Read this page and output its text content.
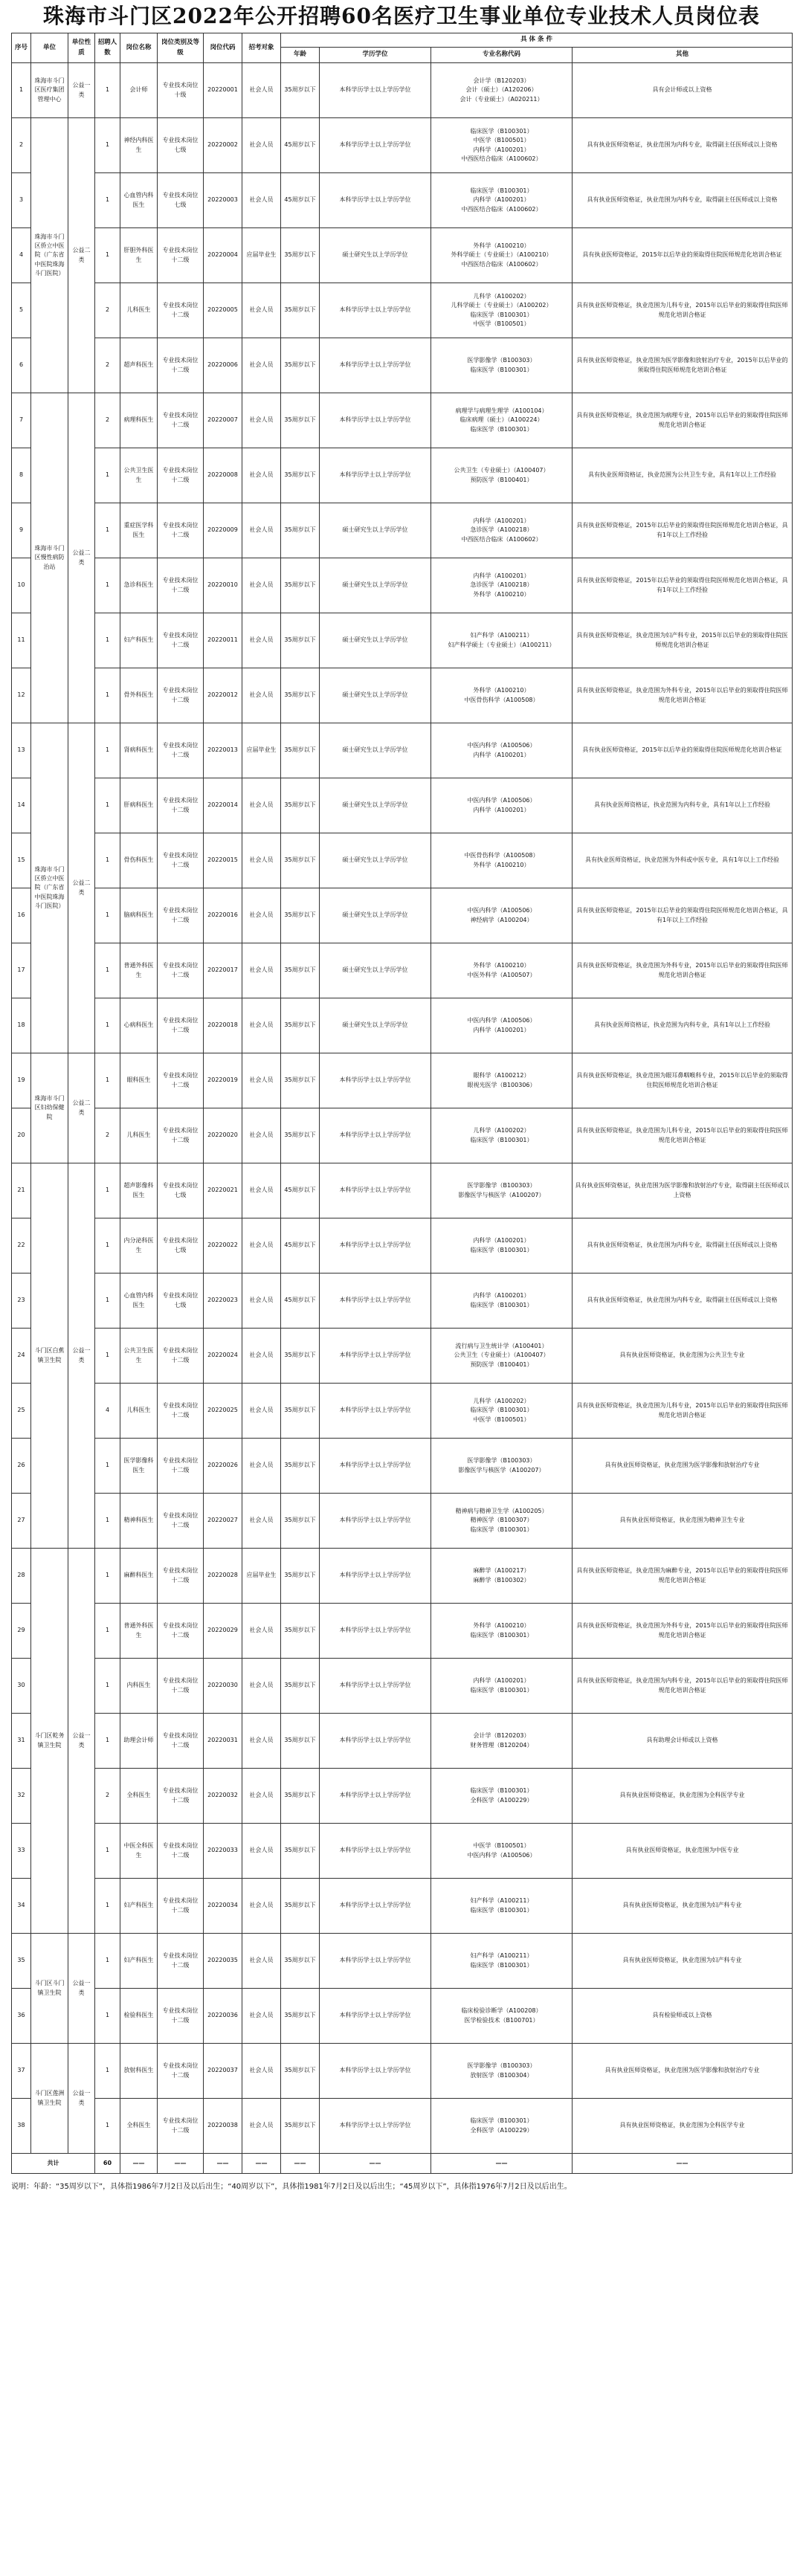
珠海市斗门区2022年公开招聘60名医疗卫生事业单位专业技术人员岗位表
序号	单位	单位性质	招聘人数	岗位名称	岗位类别及等级	岗位代码	招考对象	具 体 条 件			
								年龄	学历学位	专业名称代码	其他
1	珠海市斗门区医疗集团管理中心	公益一类	1	会计师	专业技术岗位十级	20220001	社会人员	35周岁以下	本科学历学士以上学历学位	会计学（B120203）
会计（硕士）（A120206）
会计（专业硕士）（A020211）	具有会计师或以上资格
2	珠海市斗门区侨立中医院（广东省中医院珠海斗门医院）	公益二类	1	神经内科医生	专业技术岗位七级	20220002	社会人员	45周岁以下	本科学历学士以上学历学位	临床医学（B100301）
中医学（B100501）
内科学（A100201）
中西医结合临床（A100602）	具有执业医师资格证，执业范围为内科专业，取得副主任医师或以上资格
3			1	心血管内科医生	专业技术岗位七级	20220003	社会人员	45周岁以下	本科学历学士以上学历学位	临床医学（B100301）
内科学（A100201）
中西医结合临床（A100602）	具有执业医师资格证，执业范围为内科专业，取得副主任医师或以上资格
4			1	肝胆外科医生	专业技术岗位十二级	20220004	应届毕业生	35周岁以下	硕士研究生以上学历学位	外科学（A100210）
外科学硕士（专业硕士）（A100210）
中西医结合临床（A100602）	具有执业医师资格证，2015年以后毕业的须取得住院医师规范化培训合格证
5			2	儿科医生	专业技术岗位十二级	20220005	社会人员	35周岁以下	本科学历学士以上学历学位	儿科学（A100202）
儿科学硕士（专业硕士）（A100202）
临床医学（B100301）
中医学（B100501）	具有执业医师资格证，执业范围为儿科专业，2015年以后毕业的须取得住院医师规范化培训合格证
6			2	超声科医生	专业技术岗位十二级	20220006	社会人员	35周岁以下	本科学历学士以上学历学位	医学影像学（B100303）
临床医学（B100301）	具有执业医师资格证，执业范围为医学影像和放射治疗专业，2015年以后毕业的须取得住院医师规范化培训合格证
7	珠海市斗门区慢性病防治站	公益二类	2	病理科医生	专业技术岗位十二级	20220007	社会人员	35周岁以下	本科学历学士以上学历学位	病理学与病理生理学（A100104）
临床病理（硕士）（A100224）
临床医学（B100301）	具有执业医师资格证，执业范围为病理专业，2015年以后毕业的须取得住院医师规范化培训合格证
8			1	公共卫生医生	专业技术岗位十二级	20220008	社会人员	35周岁以下	本科学历学士以上学历学位	公共卫生（专业硕士）（A100407）
预防医学（B100401）	具有执业医师资格证，执业范围为公共卫生专业，具有1年以上工作经验
9			1	重症医学科医生	专业技术岗位十二级	20220009	社会人员	35周岁以下	硕士研究生以上学历学位	内科学（A100201）
急诊医学（A100218）
中西医结合临床（A100602）	具有执业医师资格证，2015年以后毕业的须取得住院医师规范化培训合格证，具有1年以上工作经验
10			1	急诊科医生	专业技术岗位十二级	20220010	社会人员	35周岁以下	硕士研究生以上学历学位	内科学（A100201）
急诊医学（A100218）
外科学（A100210）	具有执业医师资格证，2015年以后毕业的须取得住院医师规范化培训合格证，具有1年以上工作经验
11			1	妇产科医生	专业技术岗位十二级	20220011	社会人员	35周岁以下	硕士研究生以上学历学位	妇产科学（A100211）
妇产科学硕士（专业硕士）（A100211）	具有执业医师资格证，执业范围为妇产科专业，2015年以后毕业的须取得住院医师规范化培训合格证
12			1	骨外科医生	专业技术岗位十二级	20220012	社会人员	35周岁以下	硕士研究生以上学历学位	外科学（A100210）
中医骨伤科学（A100508）	具有执业医师资格证，执业范围为外科专业，2015年以后毕业的须取得住院医师规范化培训合格证
13	珠海市斗门区侨立中医院（广东省中医院珠海斗门医院）	公益二类	1	肾病科医生	专业技术岗位十二级	20220013	应届毕业生	35周岁以下	硕士研究生以上学历学位	中医内科学（A100506）
内科学（A100201）	具有执业医师资格证，2015年以后毕业的须取得住院医师规范化培训合格证
14			1	肝病科医生	专业技术岗位十二级	20220014	社会人员	35周岁以下	硕士研究生以上学历学位	中医内科学（A100506）
内科学（A100201）	具有执业医师资格证，执业范围为内科专业，具有1年以上工作经验
15			1	骨伤科医生	专业技术岗位十二级	20220015	社会人员	35周岁以下	硕士研究生以上学历学位	中医骨伤科学（A100508）
外科学（A100210）	具有执业医师资格证，执业范围为外科或中医专业，具有1年以上工作经验
16			1	脑病科医生	专业技术岗位十二级	20220016	社会人员	35周岁以下	硕士研究生以上学历学位	中医内科学（A100506）
神经病学（A100204）	具有执业医师资格证，2015年以后毕业的须取得住院医师规范化培训合格证，具有1年以上工作经验
17			1	普通外科医生	专业技术岗位十二级	20220017	社会人员	35周岁以下	硕士研究生以上学历学位	外科学（A100210）
中医外科学（A100507）	具有执业医师资格证，执业范围为外科专业，2015年以后毕业的须取得住院医师规范化培训合格证
18			1	心病科医生	专业技术岗位十二级	20220018	社会人员	35周岁以下	硕士研究生以上学历学位	中医内科学（A100506）
内科学（A100201）	具有执业医师资格证，执业范围为内科专业，具有1年以上工作经验
19	珠海市斗门区妇幼保健院	公益二类	1	眼科医生	专业技术岗位十二级	20220019	社会人员	35周岁以下	本科学历学士以上学历学位	眼科学（A100212）
眼视光医学（B100306）	具有执业医师资格证，执业范围为眼耳鼻咽喉科专业，2015年以后毕业的须取得住院医师规范化培训合格证
20			2	儿科医生	专业技术岗位十二级	20220020	社会人员	35周岁以下	本科学历学士以上学历学位	儿科学（A100202）
临床医学（B100301）	具有执业医师资格证，执业范围为儿科专业，2015年以后毕业的须取得住院医师规范化培训合格证
21	斗门区白蕉镇卫生院	公益一类	1	超声影像科医生	专业技术岗位七级	20220021	社会人员	45周岁以下	本科学历学士以上学历学位	医学影像学（B100303）
影像医学与核医学（A100207）	具有执业医师资格证，执业范围为医学影像和放射治疗专业，取得副主任医师或以上资格
22			1	内分泌科医生	专业技术岗位七级	20220022	社会人员	45周岁以下	本科学历学士以上学历学位	内科学（A100201）
临床医学（B100301）	具有执业医师资格证，执业范围为内科专业，取得副主任医师或以上资格
23			1	心血管内科医生	专业技术岗位七级	20220023	社会人员	45周岁以下	本科学历学士以上学历学位	内科学（A100201）
临床医学（B100301）	具有执业医师资格证，执业范围为内科专业，取得副主任医师或以上资格
24			1	公共卫生医生	专业技术岗位十二级	20220024	社会人员	35周岁以下	本科学历学士以上学历学位	流行病与卫生统计学（A100401）
公共卫生（专业硕士）（A100407）
预防医学（B100401）	具有执业医师资格证，执业范围为公共卫生专业
25			4	儿科医生	专业技术岗位十二级	20220025	社会人员	35周岁以下	本科学历学士以上学历学位	儿科学（A100202）
临床医学（B100301）
中医学（B100501）	具有执业医师资格证，执业范围为儿科专业，2015年以后毕业的须取得住院医师规范化培训合格证
26			1	医学影像科医生	专业技术岗位十二级	20220026	社会人员	35周岁以下	本科学历学士以上学历学位	医学影像学（B100303）
影像医学与核医学（A100207）	具有执业医师资格证，执业范围为医学影像和放射治疗专业
27			1	精神科医生	专业技术岗位十二级	20220027	社会人员	35周岁以下	本科学历学士以上学历学位	精神病与精神卫生学（A100205）
精神医学（B100307）
临床医学（B100301）	具有执业医师资格证，执业范围为精神卫生专业
28	斗门区乾务镇卫生院	公益一类	1	麻醉科医生	专业技术岗位十二级	20220028	应届毕业生	35周岁以下	本科学历学士以上学历学位	麻醉学（A100217）
麻醉学（B100302）	具有执业医师资格证，执业范围为麻醉专业，2015年以后毕业的须取得住院医师规范化培训合格证
29			1	普通外科医生	专业技术岗位十二级	20220029	社会人员	35周岁以下	本科学历学士以上学历学位	外科学（A100210）
临床医学（B100301）	具有执业医师资格证，执业范围为外科专业，2015年以后毕业的须取得住院医师规范化培训合格证
30			1	内科医生	专业技术岗位十二级	20220030	社会人员	35周岁以下	本科学历学士以上学历学位	内科学（A100201）
临床医学（B100301）	具有执业医师资格证，执业范围为内科专业，2015年以后毕业的须取得住院医师规范化培训合格证
31			1	助理会计师	专业技术岗位十二级	20220031	社会人员	35周岁以下	本科学历学士以上学历学位	会计学（B120203）
财务管理（B120204）	具有助理会计师或以上资格
32			2	全科医生	专业技术岗位十二级	20220032	社会人员	35周岁以下	本科学历学士以上学历学位	临床医学（B100301）
全科医学（A100229）	具有执业医师资格证，执业范围为全科医学专业
33			1	中医全科医生	专业技术岗位十二级	20220033	社会人员	35周岁以下	本科学历学士以上学历学位	中医学（B100501）
中医内科学（A100506）	具有执业医师资格证，执业范围为中医专业
34			1	妇产科医生	专业技术岗位十二级	20220034	社会人员	35周岁以下	本科学历学士以上学历学位	妇产科学（A100211）
临床医学（B100301）	具有执业医师资格证，执业范围为妇产科专业
35	斗门区斗门镇卫生院	公益一类	1	妇产科医生	专业技术岗位十二级	20220035	社会人员	35周岁以下	本科学历学士以上学历学位	妇产科学（A100211）
临床医学（B100301）	具有执业医师资格证，执业范围为妇产科专业
36			1	检验科医生	专业技术岗位十二级	20220036	社会人员	35周岁以下	本科学历学士以上学历学位	临床检验诊断学（A100208）
医学检验技术（B100701）	具有检验师或以上资格
37	斗门区莲洲镇卫生院	公益一类	1	放射科医生	专业技术岗位十二级	20220037	社会人员	35周岁以下	本科学历学士以上学历学位	医学影像学（B100303）
放射医学（B100304）	具有执业医师资格证，执业范围为医学影像和放射治疗专业
38			1	全科医生	专业技术岗位十二级	20220038	社会人员	35周岁以下	本科学历学士以上学历学位	临床医学（B100301）
全科医学（A100229）	具有执业医师资格证，执业范围为全科医学专业
共计			60	——	——	——	——	——	——	——	——
说明：年龄：“35周岁以下”，具体指1986年7月2日及以后出生；“40周岁以下”，具体指1981年7月2日及以后出生；“45周岁以下”，具体指1976年7月2日及以后出生。
